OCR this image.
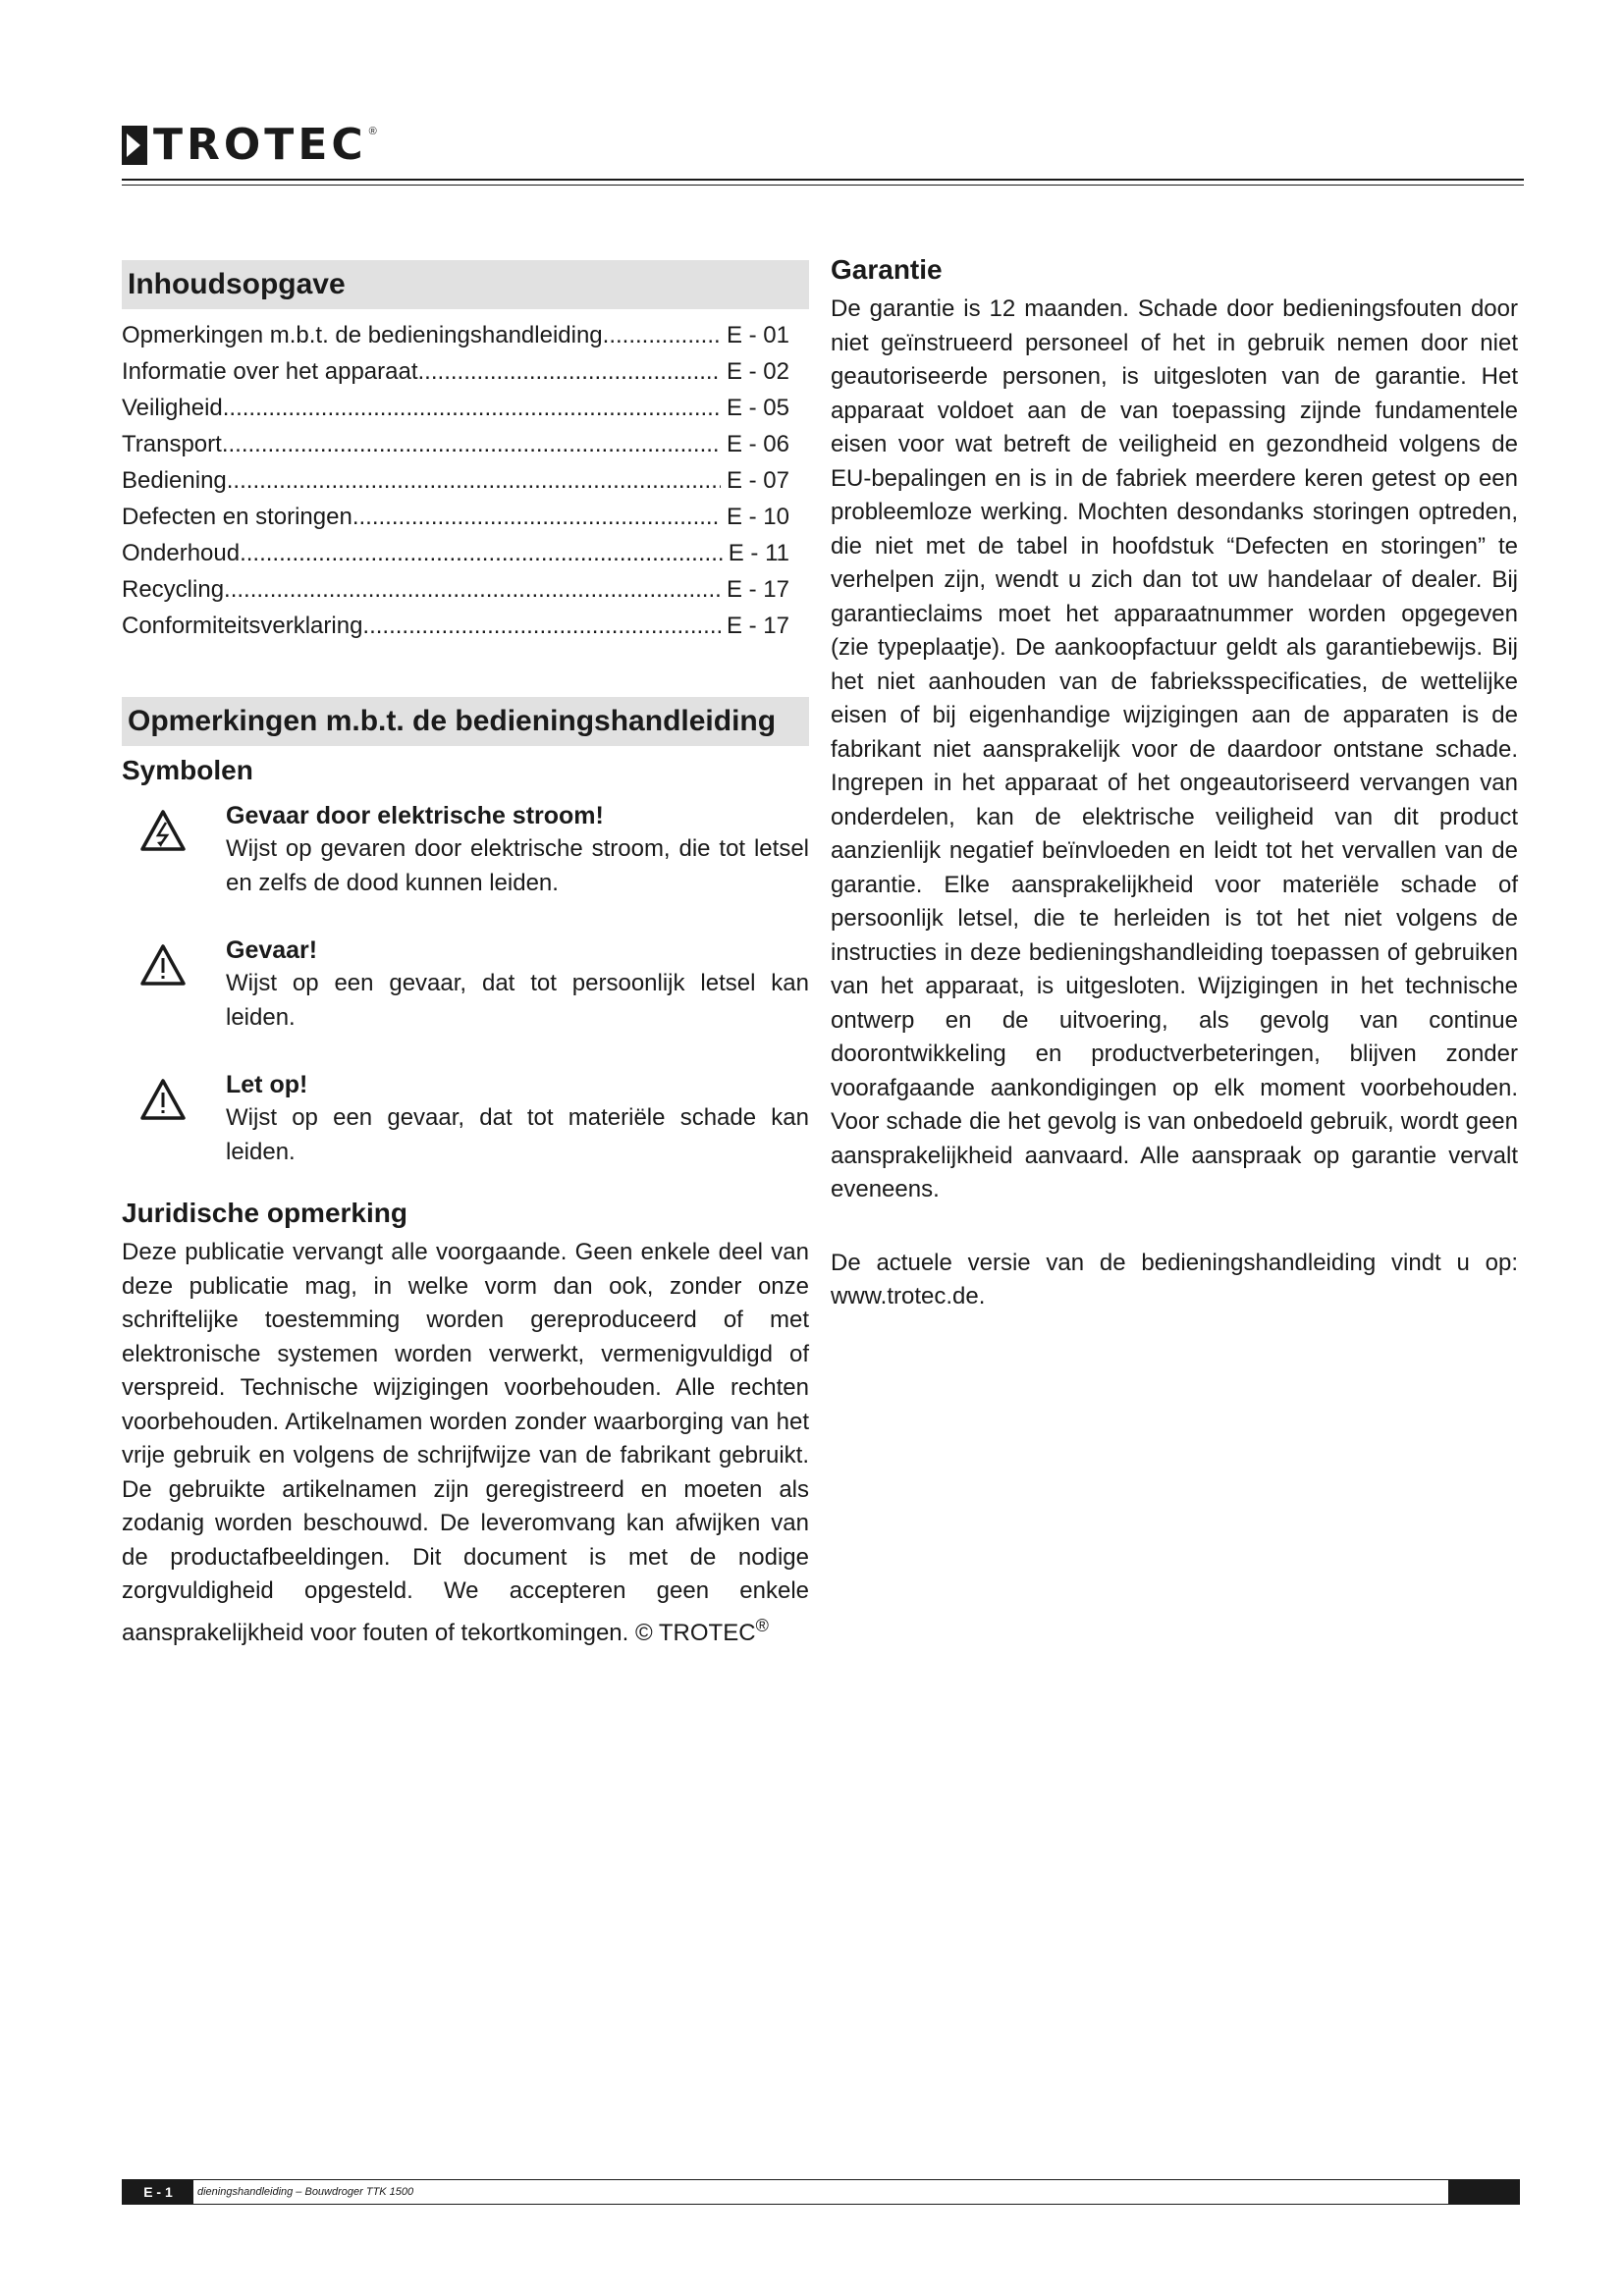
TROTEC ®
Inhoudsopgave
Opmerkingen m.b.t. de bedieningshandleiding .....	E - 01
Informatie over het apparaat .....	E - 02
Veiligheid .....	E - 05
Transport .....	E - 06
Bediening .....	E - 07
Defecten en storingen .....	E - 10
Onderhoud .....	E - 11
Recycling .....	E - 17
Conformiteitsverklaring .....	E - 17
Opmerkingen m.b.t. de bedieningshandleiding
Symbolen
Gevaar door elektrische stroom!
Wijst op gevaren door elektrische stroom, die tot letsel en zelfs de dood kunnen leiden.
Gevaar!
Wijst op een gevaar, dat tot persoonlijk letsel kan leiden.
Let op!
Wijst op een gevaar, dat tot materiële schade kan leiden.
Juridische opmerking
Deze publicatie vervangt alle voorgaande. Geen enkele deel van deze publicatie mag, in welke vorm dan ook, zonder onze schriftelijke toestemming worden gereproduceerd of met elektronische systemen worden verwerkt, vermenigvuldigd of verspreid. Technische wijzigingen voorbehouden. Alle rechten voorbehouden. Artikelnamen worden zonder waarborging van het vrije gebruik en volgens de schrijfwijze van de fabrikant gebruikt. De gebruikte artikelnamen zijn geregistreerd en moeten als zodanig worden beschouwd. De leveromvang kan afwijken van de productafbeeldingen. Dit document is met de nodige zorgvuldigheid opgesteld. We accepteren geen enkele aansprakelijkheid voor fouten of tekortkomingen. © TROTEC®
Garantie
De garantie is 12 maanden. Schade door bedieningsfouten door niet geïnstrueerd personeel of het in gebruik nemen door niet geautoriseerde personen, is uitgesloten van de garantie. Het apparaat voldoet aan de van toepassing zijnde fundamentele eisen voor wat betreft de veiligheid en gezondheid volgens de EU-bepalingen en is in de fabriek meerdere keren getest op een probleemloze werking. Mochten desondanks storingen optreden, die niet met de tabel in hoofdstuk “Defecten en storingen” te verhelpen zijn, wendt u zich dan tot uw handelaar of dealer. Bij garantieclaims moet het apparaatnummer worden opgegeven (zie typeplaatje). De aankoopfactuur geldt als garantiebewijs. Bij het niet aanhouden van de fabrieksspecificaties, de wettelijke eisen of bij eigenhandige wijzigingen aan de apparaten is de fabrikant niet aansprakelijk voor de daardoor ontstane schade. Ingrepen in het apparaat of het ongeautoriseerd vervangen van onderdelen, kan de elektrische veiligheid van dit product aanzienlijk negatief beïnvloeden en leidt tot het vervallen van de garantie. Elke aansprakelijkheid voor materiële schade of persoonlijk letsel, die te herleiden is tot het niet volgens de instructies in deze bedieningshandleiding toepassen of gebruiken van het apparaat, is uitgesloten. Wijzigingen in het technische ontwerp en de uitvoering, als gevolg van continue doorontwikkeling en productverbeteringen, blijven zonder voorafgaande aankondigingen op elk moment voorbehouden. Voor schade die het gevolg is van onbedoeld gebruik, wordt geen aansprakelijkheid aanvaard. Alle aanspraak op garantie vervalt eveneens.
De actuele versie van de bedieningshandleiding vindt u op: www.trotec.de.
E - 1	dieningshandleiding – Bouwdroger TTK 1500
